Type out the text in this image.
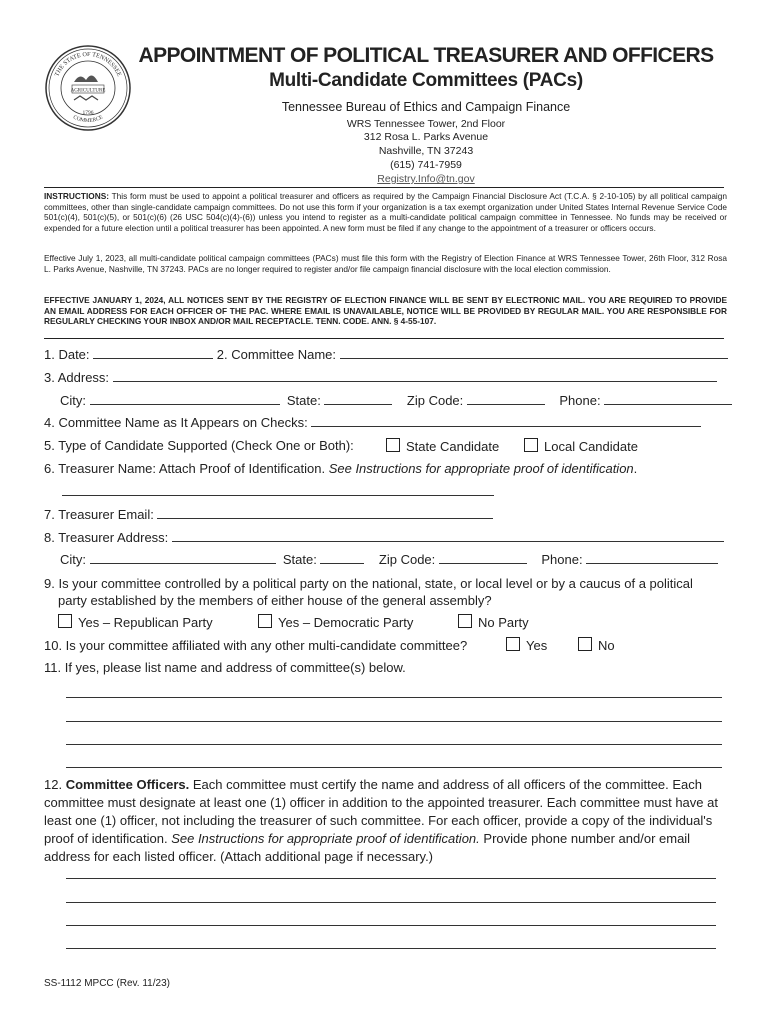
THE STATE OF TENNESSEE
COMMERCE
AGRICULTURE
1796
APPOINTMENT OF POLITICAL TREASURER AND OFFICERS
Multi-Candidate Committees (PACs)
Tennessee Bureau of Ethics and Campaign Finance
WRS Tennessee Tower, 2nd Floor
312 Rosa L. Parks Avenue
Nashville, TN 37243
(615) 741-7959
Registry.Info@tn.gov
INSTRUCTIONS: This form must be used to appoint a political treasurer and officers as required by the Campaign Financial Disclosure Act (T.C.A. § 2-10-105) by all political campaign committees, other than single-candidate campaign committees. Do not use this form if your organization is a tax exempt organization under United States Internal Revenue Service Code 501(c)(4), 501(c)(5), or 501(c)(6) (26 USC 504(c)(4)-(6)) unless you intend to register as a multi-candidate political campaign committee in Tennessee. No funds may be received or expended for a future election until a political treasurer has been appointed. A new form must be filed if any change to the appointment of a treasurer or officers occurs.
Effective July 1, 2023, all multi-candidate political campaign committees (PACs) must file this form with the Registry of Election Finance at WRS Tennessee Tower, 26th Floor, 312 Rosa L. Parks Avenue, Nashville, TN 37243. PACs are no longer required to register and/or file campaign financial disclosure with the local election commission.
EFFECTIVE JANUARY 1, 2024, ALL NOTICES SENT BY THE REGISTRY OF ELECTION FINANCE WILL BE SENT BY ELECTRONIC MAIL. YOU ARE REQUIRED TO PROVIDE AN EMAIL ADDRESS FOR EACH OFFICER OF THE PAC. WHERE EMAIL IS UNAVAILABLE, NOTICE WILL BE PROVIDED BY REGULAR MAIL. YOU ARE RESPONSIBLE FOR REGULARLY CHECKING YOUR INBOX AND/OR MAIL RECEPTACLE. TENN. CODE. ANN. § 4-55-107.
1. Date:	2. Committee Name:
3. Address:
City:	State:	Zip Code:	Phone:
4. Committee Name as It Appears on Checks:
5. Type of Candidate Supported (Check One or Both):	State Candidate	Local Candidate
6. Treasurer Name: Attach Proof of Identification. See Instructions for appropriate proof of identification.
7. Treasurer Email:
8. Treasurer Address:
City:	State:	Zip Code:	Phone:
9. Is your committee controlled by a political party on the national, state, or local level or by a caucus of a political
party established by the members of either house of the general assembly?
Yes – Republican Party	Yes – Democratic Party	No Party
10. Is your committee affiliated with any other multi-candidate committee?	Yes	No
11. If yes, please list name and address of committee(s) below.
12. Committee Officers. Each committee must certify the name and address of all officers of the committee. Each committee must designate at least one (1) officer in addition to the appointed treasurer. Each committee must have at least one (1) officer, not including the treasurer of such committee. For each officer, provide a copy of the individual's proof of identification. See Instructions for appropriate proof of identification. Provide phone number and/or email address for each listed officer. (Attach additional page if necessary.)
SS-1112 MPCC (Rev. 11/23)
